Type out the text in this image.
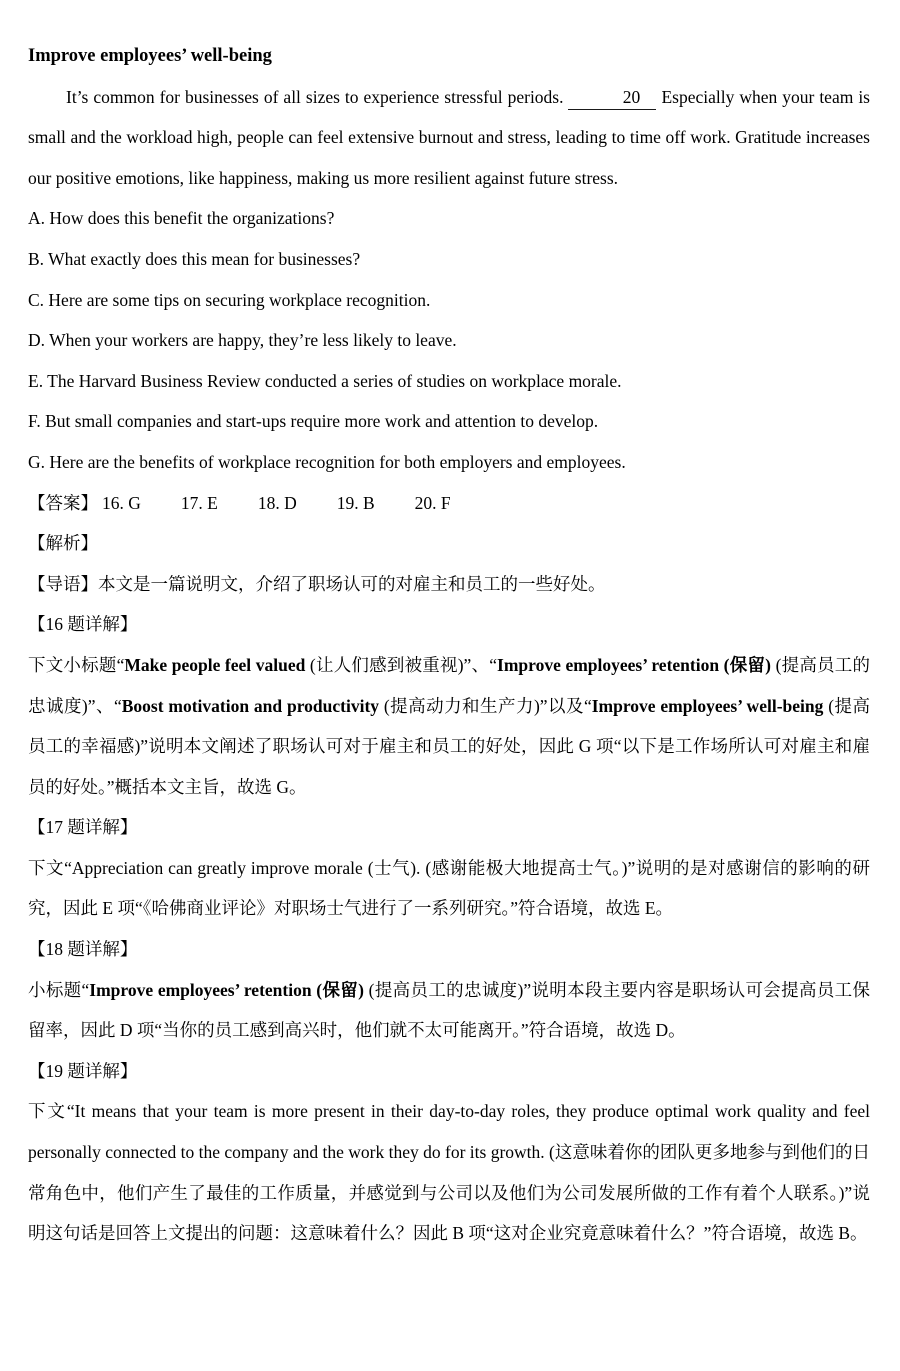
Improve employees’ well-being

It’s common for businesses of all sizes to experience stressful periods.	20 Especially when your team is small and the workload high, people can feel extensive burnout and stress, leading to time off work. Gratitude increases our positive emotions, like happiness, making us more resilient against future stress.

A. How does this benefit the organizations?

B. What exactly does this mean for businesses?

C. Here are some tips on securing workplace recognition.

D. When your workers are happy, they’re less likely to leave.

E. The Harvard Business Review conducted a series of studies on workplace morale.

F. But small companies and start-ups require more work and attention to develop.

G. Here are the benefits of workplace recognition for both employers and employees.

【答案】 16. G 17. E 18. D 19. B 20. F

【解析】

【导语】本文是一篇说明文，介绍了职场认可的对雇主和员工的一些好处。

【16 题详解】

下文小标题“Make people feel valued (让人们感到被重视)”、“Improve employees’ retention (保留) (提高员工的忠诚度)”、“Boost motivation and productivity (提高动力和生产力)”以及“Improve employees’ well-being (提高员工的幸福感)”说明本文阐述了职场认可对于雇主和员工的好处，因此 G 项“以下是工作场所认可对雇主和雇员的好处。”概括本文主旨，故选 G。

【17 题详解】

下文“Appreciation can greatly improve morale (士气). (感谢能极大地提高士气。)”说明的是对感谢信的影响的研究，因此 E 项“《哈佛商业评论》对职场士气进行了一系列研究。”符合语境，故选 E。

【18 题详解】

小标题“Improve employees’ retention (保留) (提高员工的忠诚度)”说明本段主要内容是职场认可会提高员工保留率，因此 D 项“当你的员工感到高兴时，他们就不太可能离开。”符合语境，故选 D。

【19 题详解】

下文“It means that your team is more present in their day-to-day roles, they produce optimal work quality and feel personally connected to the company and the work they do for its growth. (这意味着你的团队更多地参与到他们的日常角色中，他们产生了最佳的工作质量，并感觉到与公司以及他们为公司发展所做的工作有着个人联系。)”说明这句话是回答上文提出的问题：这意味着什么？因此 B 项“这对企业究竟意味着什么？”符合语境，故选 B。
